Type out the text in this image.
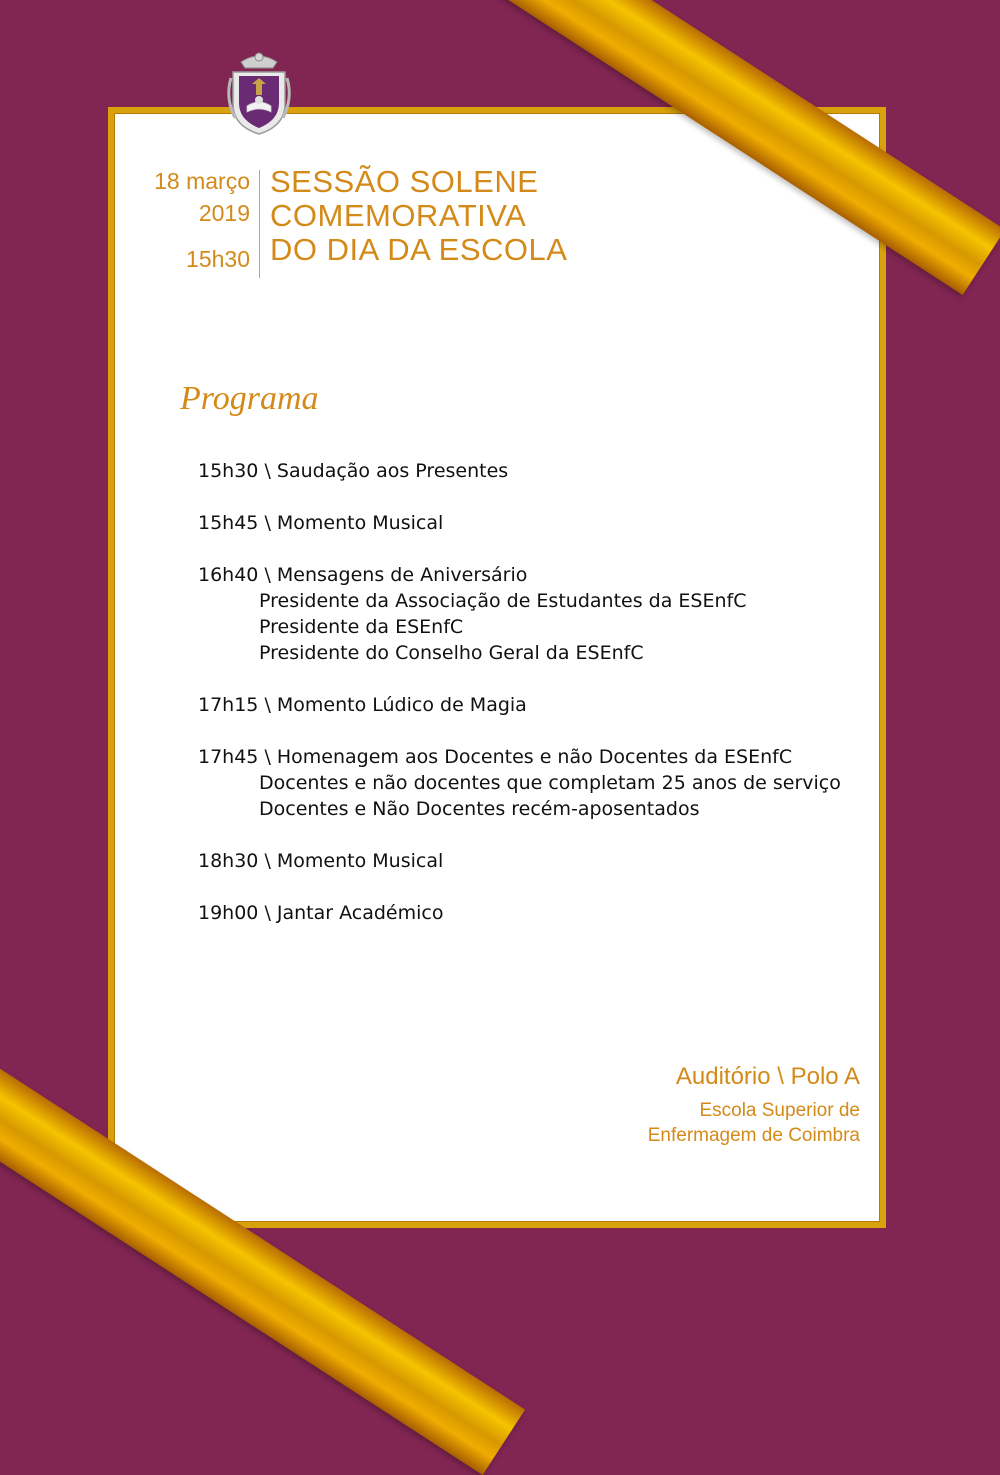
18 março
2019
15h30
SESSÃO SOLENE
COMEMORATIVA
DO DIA DA ESCOLA
Programa
15h30 \ Saudação aos Presentes
15h45 \ Momento Musical
16h40 \ Mensagens de Aniversário
Presidente da Associação de Estudantes da ESEnfC
Presidente da ESEnfC
Presidente do Conselho Geral da ESEnfC
17h15 \ Momento Lúdico de Magia
17h45 \ Homenagem aos Docentes e não Docentes da ESEnfC
Docentes e não docentes que completam 25 anos de serviço
Docentes e Não Docentes recém-aposentados
18h30 \ Momento Musical
19h00 \ Jantar Académico
Auditório \ Polo A
Escola Superior de
Enfermagem de Coimbra
